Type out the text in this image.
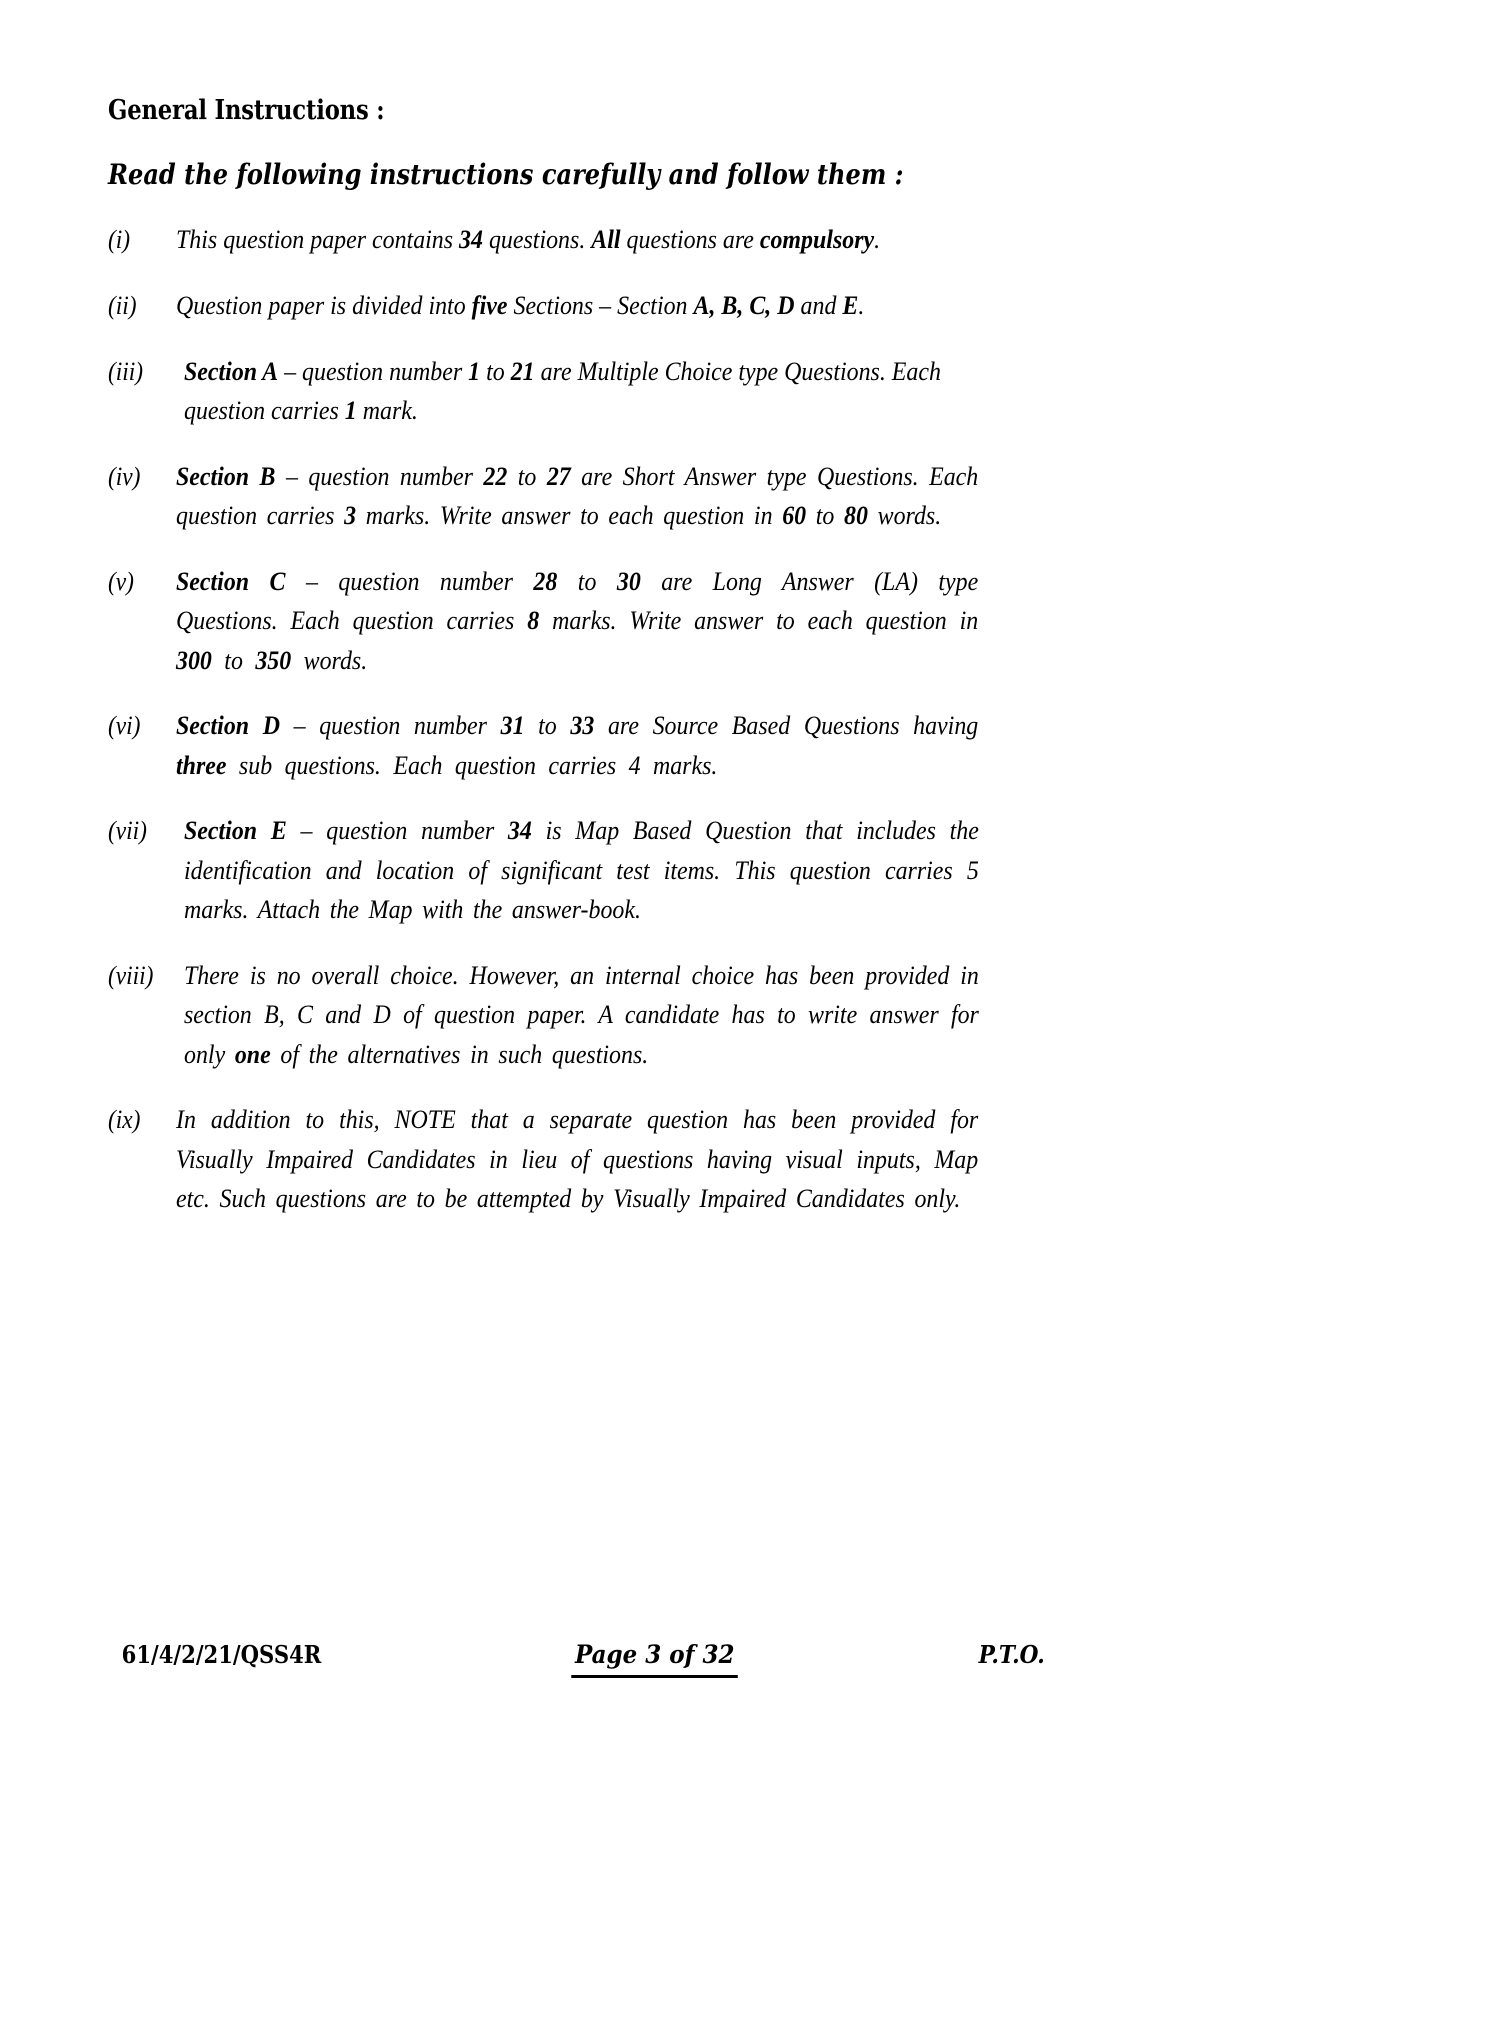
General Instructions :
Read the following instructions carefully and follow them :
(i)	This question paper contains 34 questions. All questions are compulsory.
(ii)	Question paper is divided into five Sections – Section A, B, C, D and E.
(iii)	Section A – question number 1 to 21 are Multiple Choice type Questions. Each question carries 1 mark.
(iv)	Section B – question number 22 to 27 are Short Answer type Questions. Each question carries 3 marks. Write answer to each question in 60 to 80 words.
(v)	Section C – question number 28 to 30 are Long Answer (LA) type Questions. Each question carries 8 marks. Write answer to each question in 300 to 350 words.
(vi)	Section D – question number 31 to 33 are Source Based Questions having three sub questions. Each question carries 4 marks.
(vii)	Section E – question number 34 is Map Based Question that includes the identification and location of significant test items. This question carries 5 marks. Attach the Map with the answer-book.
(viii)	There is no overall choice. However, an internal choice has been provided in section B, C and D of question paper. A candidate has to write answer for only one of the alternatives in such questions.
(ix)	In addition to this, NOTE that a separate question has been provided for Visually Impaired Candidates in lieu of questions having visual inputs, Map etc. Such questions are to be attempted by Visually Impaired Candidates only.
61/4/2/21/QSS4R	Page 3 of 32	P.T.O.
